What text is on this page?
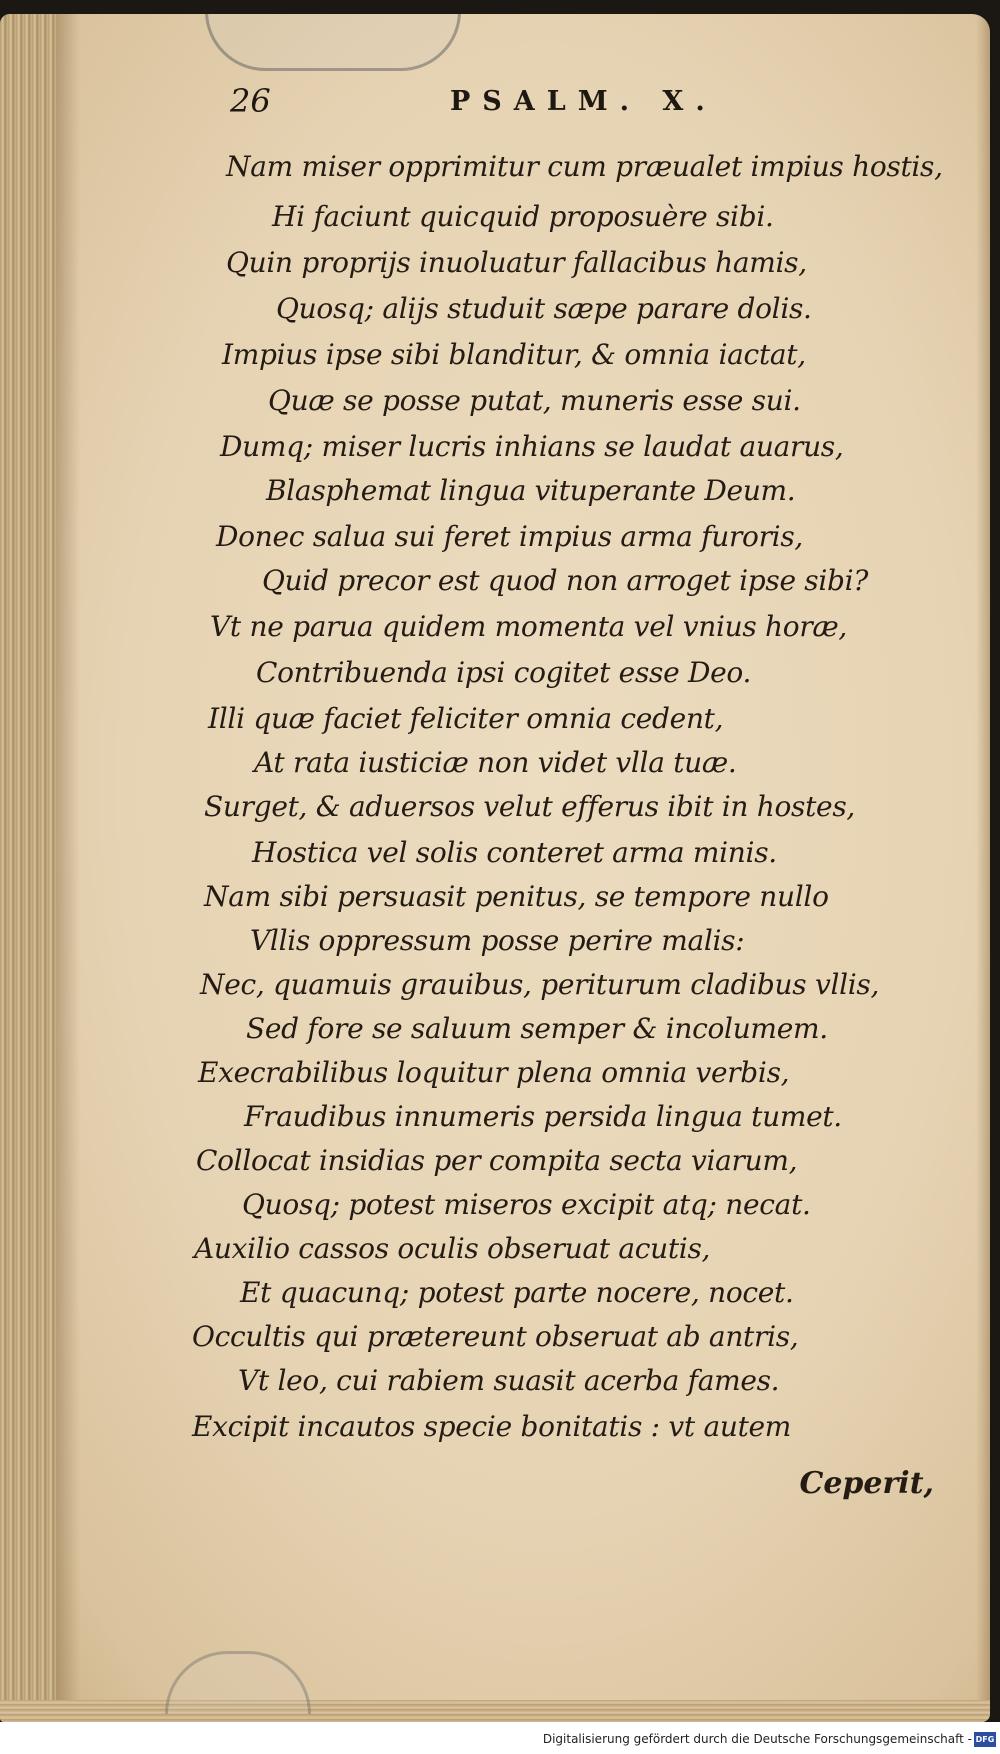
26	PSALM. X.
Nam miser opprimitur cum præualet impius hostis,
Hi faciunt quicquid proposuère sibi.
Quin proprijs inuoluatur fallacibus hamis,
Quosq; alijs studuit sæpe parare dolis.
Impius ipse sibi blanditur, & omnia iactat,
Quæ se posse putat, muneris esse sui.
Dumq; miser lucris inhians se laudat auarus,
Blasphemat lingua vituperante Deum.
Donec salua sui feret impius arma furoris,
Quid precor est quod non arroget ipse sibi?
Vt ne parua quidem momenta vel vnius horæ,
Contribuenda ipsi cogitet esse Deo.
Illi quæ faciet feliciter omnia cedent,
At rata iusticiæ non videt vlla tuæ.
Surget, & aduersos velut efferus ibit in hostes,
Hostica vel solis conteret arma minis.
Nam sibi persuasit penitus, se tempore nullo
Vllis oppressum posse perire malis:
Nec, quamuis grauibus, periturum cladibus vllis,
Sed fore se saluum semper & incolumem.
Execrabilibus loquitur plena omnia verbis,
Fraudibus innumeris persida lingua tumet.
Collocat insidias per compita secta viarum,
Quosq; potest miseros excipit atq; necat.
Auxilio cassos oculis obseruat acutis,
Et quacunq; potest parte nocere, nocet.
Occultis qui prætereunt obseruat ab antris,
Vt leo, cui rabiem suasit acerba fames.
Excipit incautos specie bonitatis : vt autem
Ceperit,
Digitalisierung gefördert durch die Deutsche Forschungsgemeinschaft - DFG
